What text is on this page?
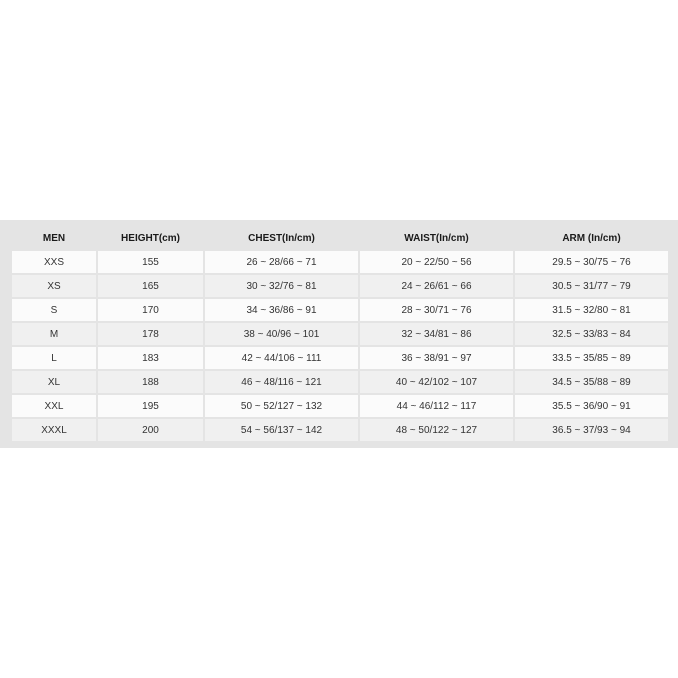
MEN	HEIGHT(cm)	CHEST(In/cm)	WAIST(In/cm)	ARM (In/cm)
XXS	155	26 ~ 28/66 ~ 71	20 ~ 22/50 ~ 56	29.5 ~ 30/75 ~ 76
XS	165	30 ~ 32/76 ~ 81	24 ~ 26/61 ~ 66	30.5 ~ 31/77 ~ 79
S	170	34 ~ 36/86 ~ 91	28 ~ 30/71 ~ 76	31.5 ~ 32/80 ~ 81
M	178	38 ~ 40/96 ~ 101	32 ~ 34/81 ~ 86	32.5 ~ 33/83 ~ 84
L	183	42 ~ 44/106 ~ 111	36 ~ 38/91 ~ 97	33.5 ~ 35/85 ~ 89
XL	188	46 ~ 48/116 ~ 121	40 ~ 42/102 ~ 107	34.5 ~ 35/88 ~ 89
XXL	195	50 ~ 52/127 ~ 132	44 ~ 46/112 ~ 117	35.5 ~ 36/90 ~ 91
XXXL	200	54 ~ 56/137 ~ 142	48 ~ 50/122 ~ 127	36.5 ~ 37/93 ~ 94
